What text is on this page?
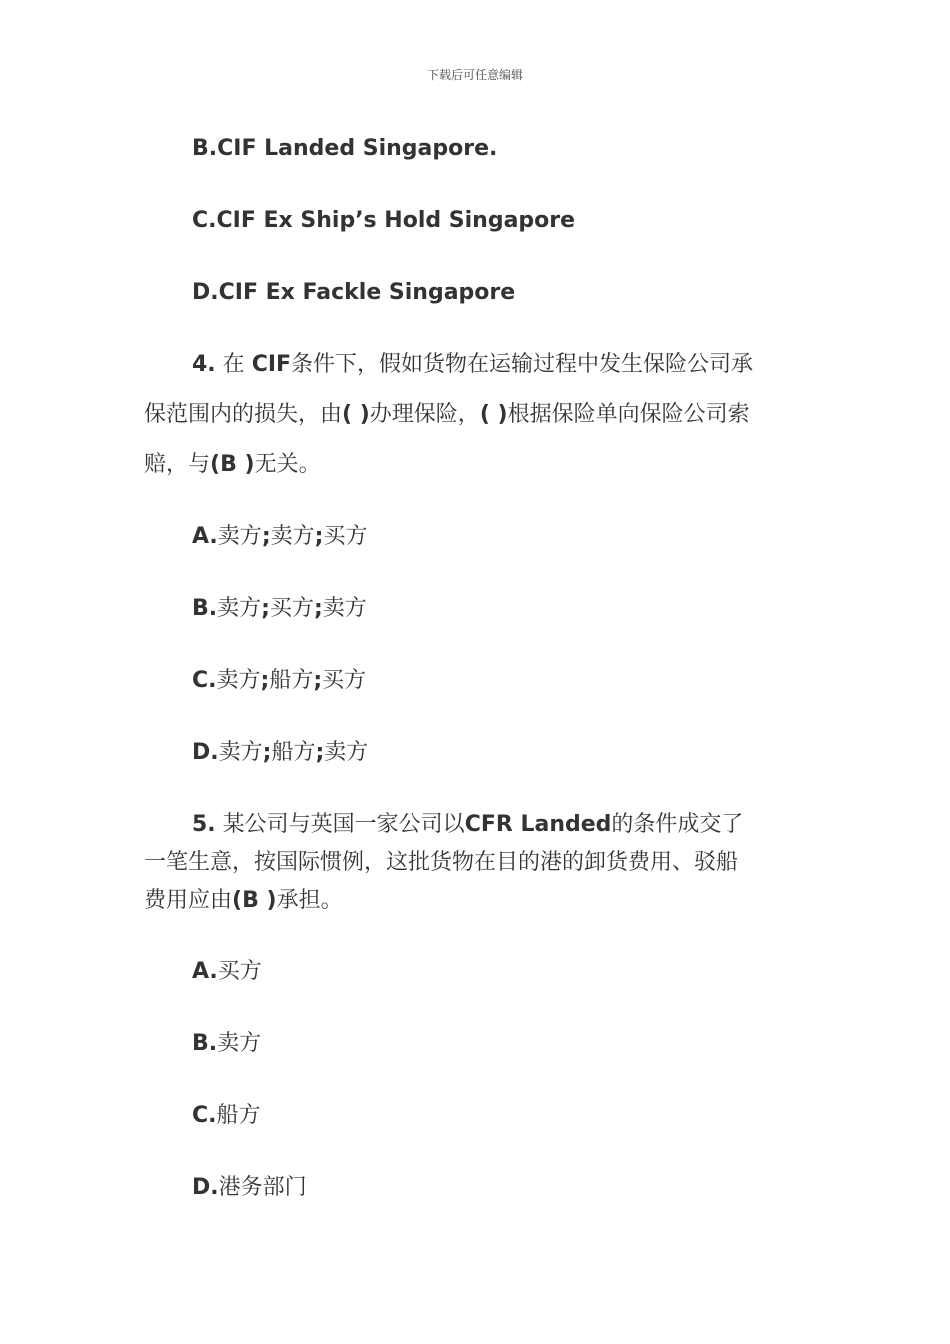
下载后可任意编辑
B.CIF Landed Singapore.
C.CIF Ex Ship’s Hold Singapore
D.CIF Ex Fackle Singapore
4. 在 CIF条件下，假如货物在运输过程中发生保险公司承
保范围内的损失，由( )办理保险，( )根据保险单向保险公司索
赔，与(B )无关。
A.卖方;卖方;买方
B.卖方;买方;卖方
C.卖方;船方;买方
D.卖方;船方;卖方
5. 某公司与英国一家公司以CFR Landed的条件成交了
一笔生意，按国际惯例，这批货物在目的港的卸货费用、驳船
费用应由(B )承担。
A.买方
B.卖方
C.船方
D.港务部门
